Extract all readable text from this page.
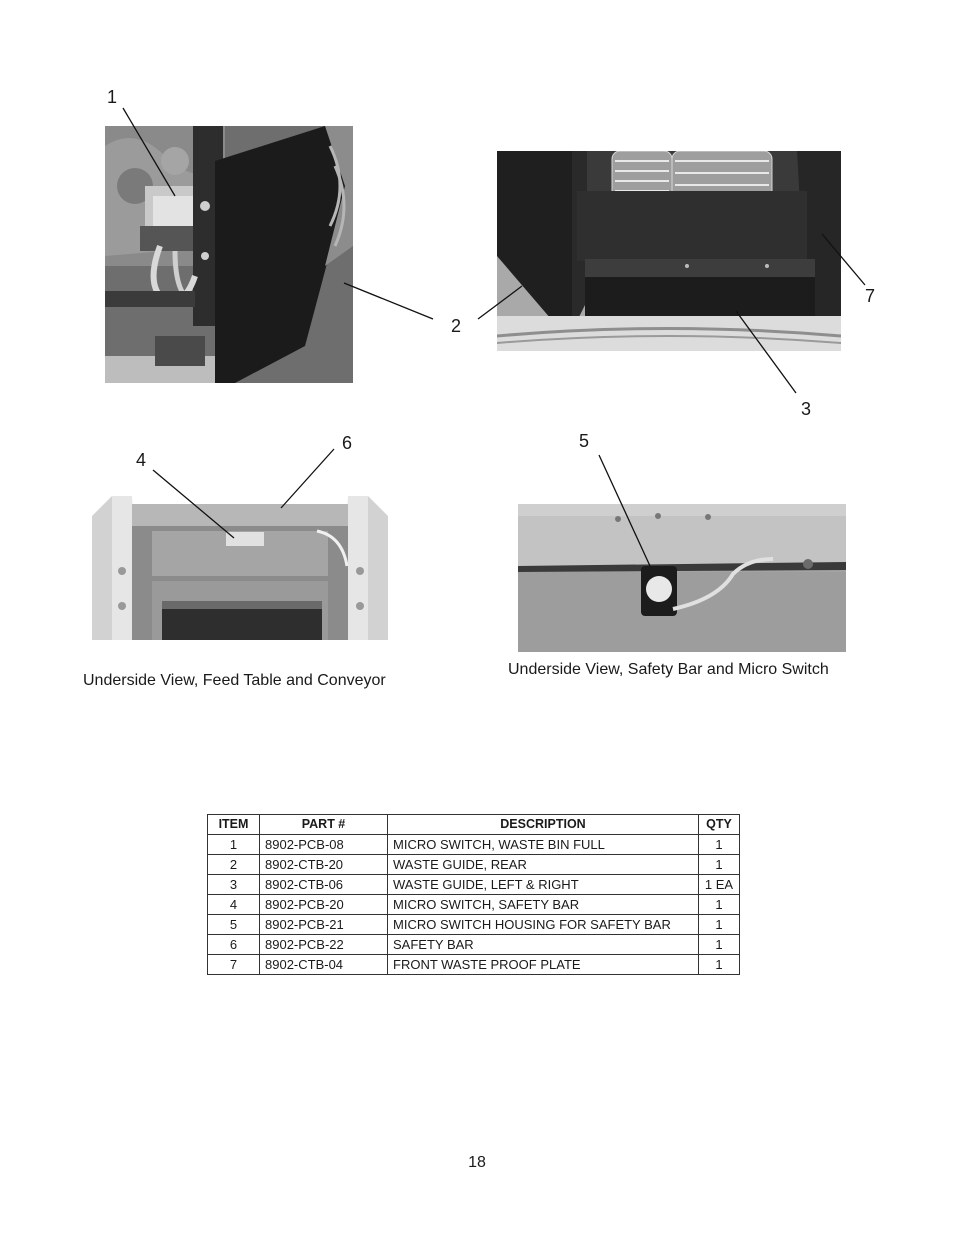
1
2
3
4
5
6
7
Underside View, Feed Table and Conveyor
Underside View, Safety Bar and Micro Switch
ITEM	PART #	DESCRIPTION	QTY
1	8902-PCB-08	MICRO SWITCH, WASTE BIN FULL	1
2	8902-CTB-20	WASTE GUIDE, REAR	1
3	8902-CTB-06	WASTE GUIDE, LEFT & RIGHT	1 EA
4	8902-PCB-20	MICRO SWITCH, SAFETY BAR	1
5	8902-PCB-21	MICRO SWITCH HOUSING FOR SAFETY BAR	1
6	8902-PCB-22	SAFETY BAR	1
7	8902-CTB-04	FRONT WASTE PROOF PLATE	1
18
